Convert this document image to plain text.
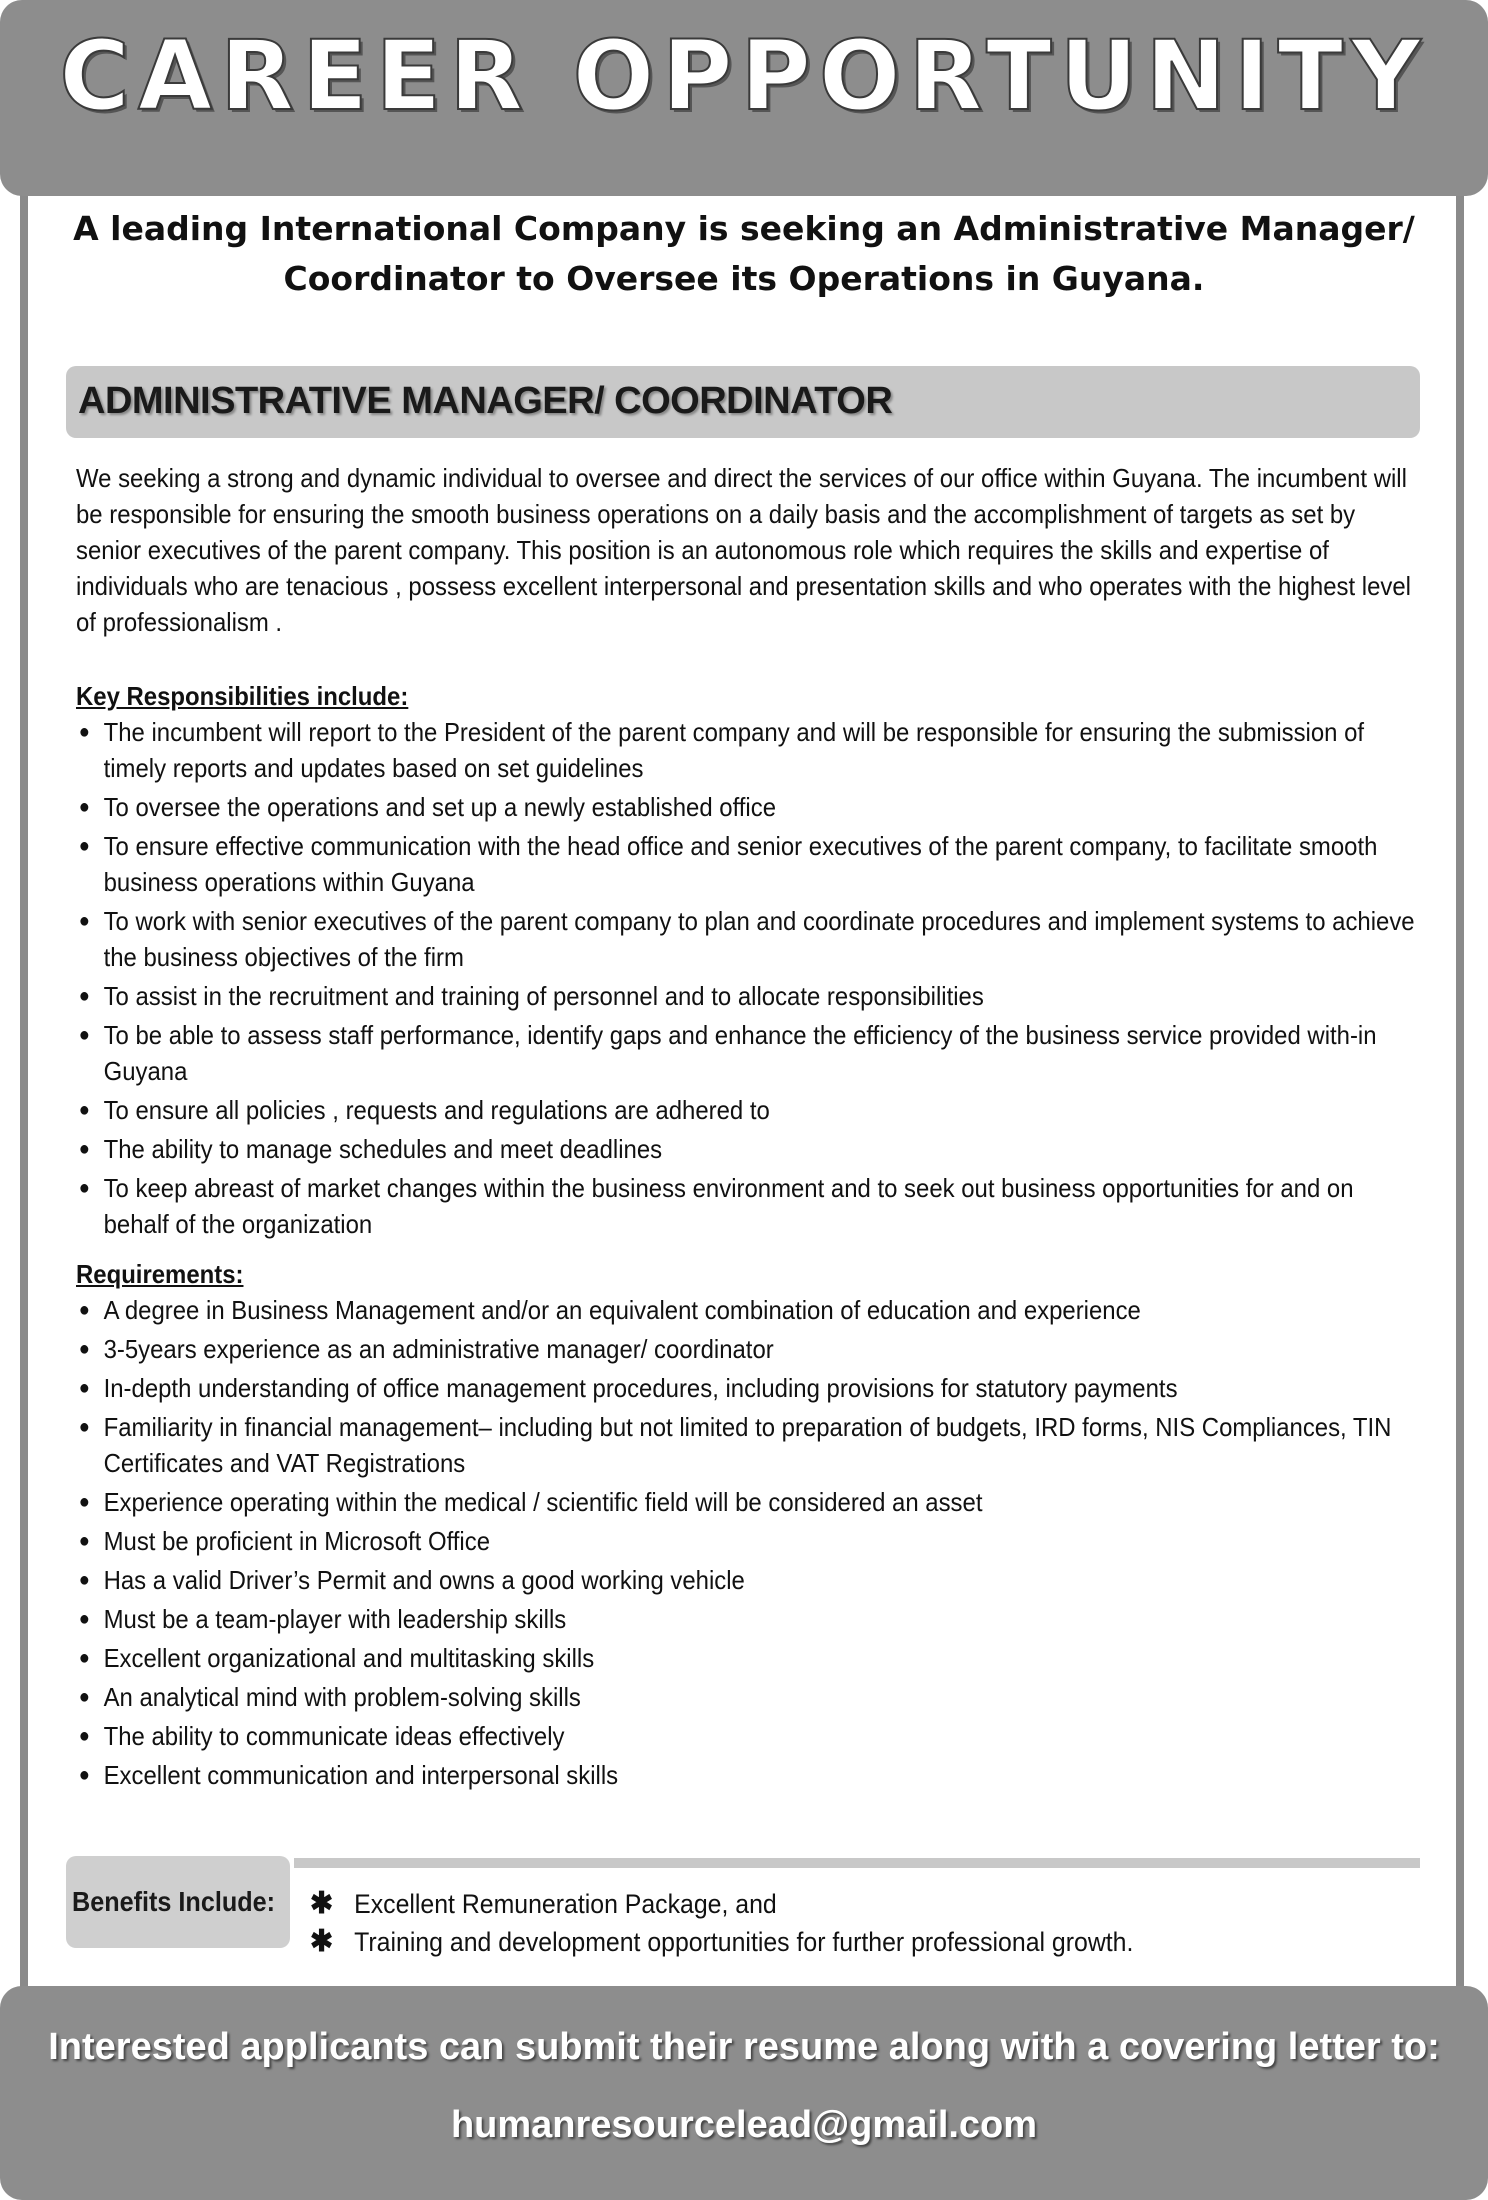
CAREER OPPORTUNITY
A leading International Company is seeking an Administrative Manager/
Coordinator to Oversee its Operations in Guyana.
ADMINISTRATIVE MANAGER/ COORDINATOR
We seeking a strong and dynamic individual to oversee and direct the services of our office within Guyana. The incumbent will be responsible for ensuring the smooth business operations on a daily basis and the accomplishment of targets as set by senior executives of the parent company. This position is an autonomous role which requires the skills and expertise of individuals who are tenacious , possess excellent interpersonal and presentation skills and who operates with the highest level of professionalism .
Key Responsibilities include:
● The incumbent will report to the President of the parent company and will be responsible for ensuring the submission of timely reports and updates based on set guidelines
● To oversee the operations and set up a newly established office
● To ensure effective communication with the head office and senior executives of the parent company, to facilitate smooth business operations within Guyana
● To work with senior executives of the parent company to plan and coordinate procedures and implement systems to achieve the business objectives of the firm
● To assist in the recruitment and training of personnel and to allocate responsibilities
● To be able to assess staff performance, identify gaps and enhance the efficiency of the business service provided with-in Guyana
● To ensure all policies , requests and regulations are adhered to
● The ability to manage schedules and meet deadlines
● To keep abreast of market changes within the business environment and to seek out business opportunities for and on behalf of the organization
Requirements:
● A degree in Business Management and/or an equivalent combination of education and experience
● 3-5years experience as an administrative manager/ coordinator
● In-depth understanding of office management procedures, including provisions for statutory payments
● Familiarity in financial management– including but not limited to preparation of budgets, IRD forms, NIS Compliances, TIN Certificates and VAT Registrations
● Experience operating within the medical / scientific field will be considered an asset
● Must be proficient in Microsoft Office
● Has a valid Driver’s Permit and owns a good working vehicle
● Must be a team-player with leadership skills
● Excellent organizational and multitasking skills
● An analytical mind with problem-solving skills
● The ability to communicate ideas effectively
● Excellent communication and interpersonal skills
Benefits Include: ✱ Excellent Remuneration Package, and
✱ Training and development opportunities for further professional growth.
Interested applicants can submit their resume along with a covering letter to:
humanresourcelead@gmail.com
